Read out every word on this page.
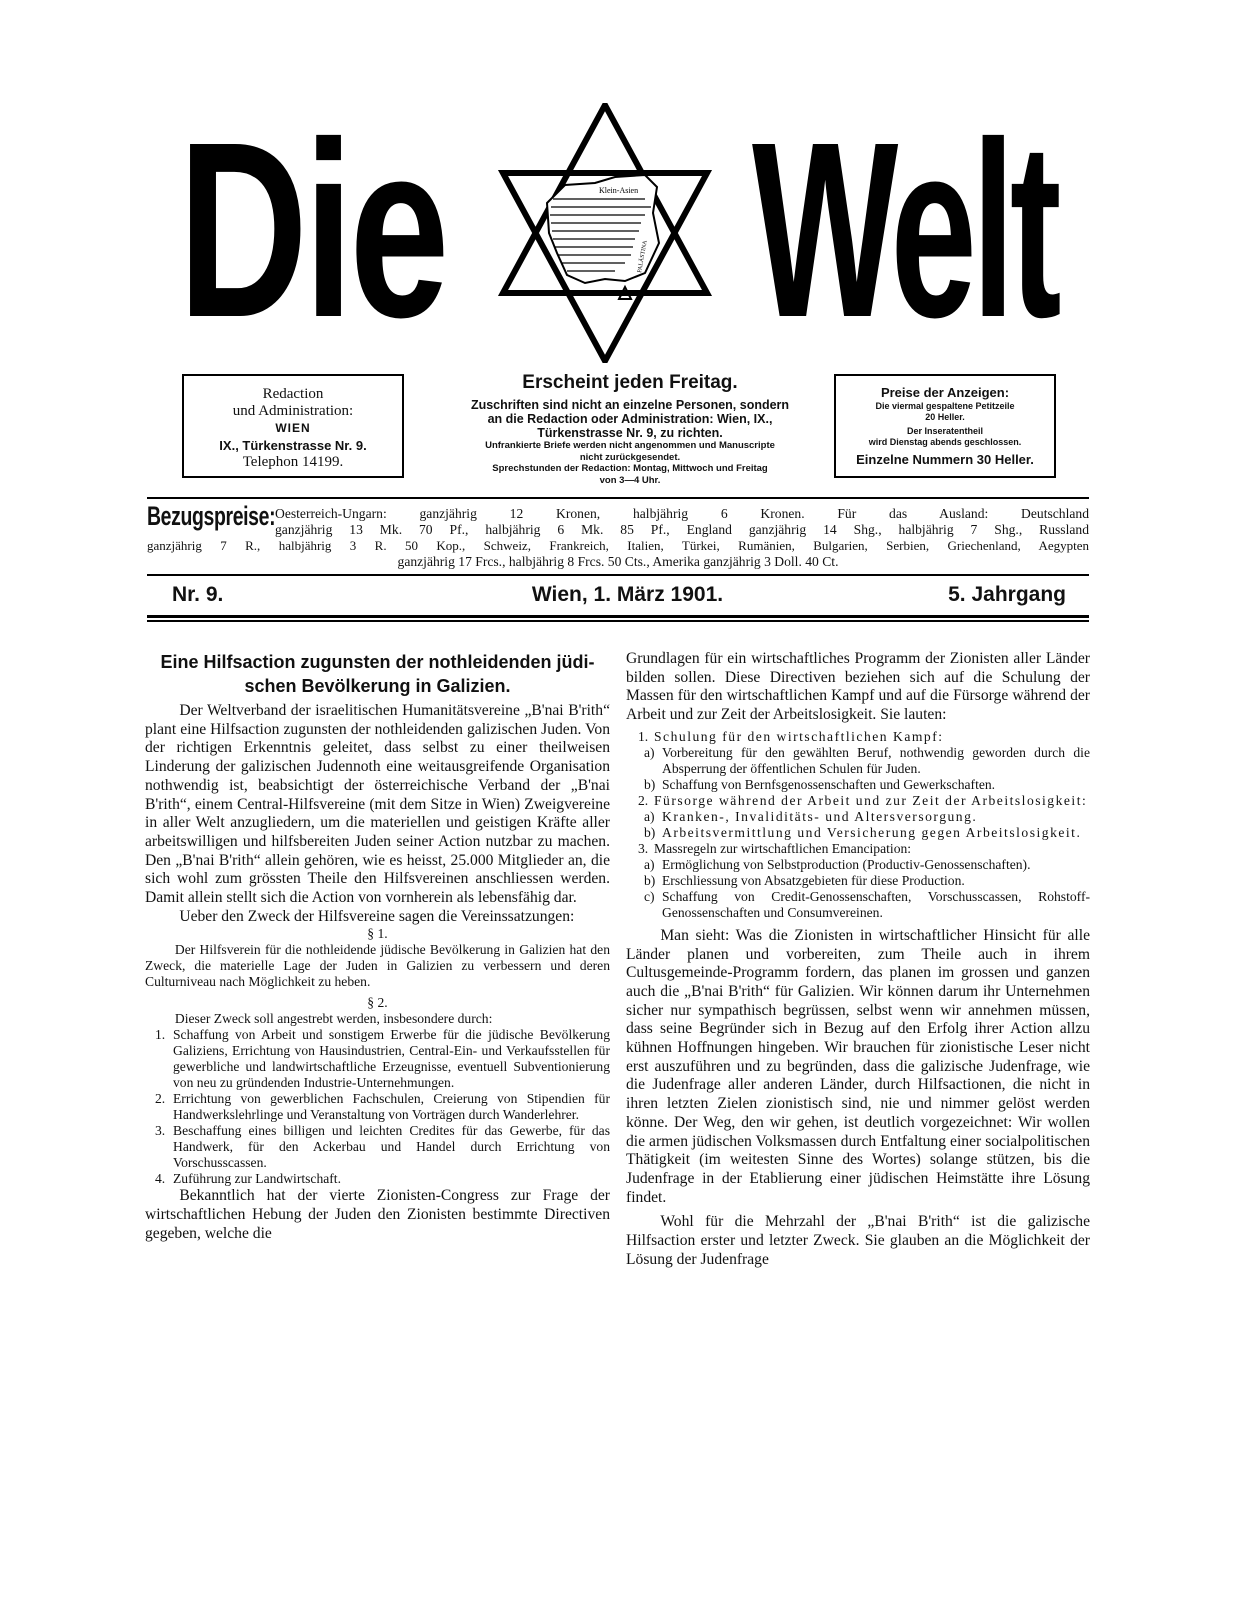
Die Welt
Klein-Asien
PALÄSTINA
Redaction
und Administration:
WIEN
IX., Türkenstrasse Nr. 9.
Telephon 14199.
Erscheint jeden Freitag.
Zuschriften sind nicht an einzelne Personen, sondern
an die Redaction oder Administration: Wien, IX.,
Türkenstrasse Nr. 9, zu richten.
Unfrankierte Briefe werden nicht angenommen und Manuscripte
nicht zurückgesendet.
Sprechstunden der Redaction: Montag, Mittwoch und Freitag
von 3—4 Uhr.
Preise der Anzeigen:
Die viermal gespaltene Petitzeile
20 Heller.
Der Inseratentheil
wird Dienstag abends geschlossen.
Einzelne Nummern 30 Heller.
Bezugspreise: Oesterreich-Ungarn: ganzjährig 12 Kronen, halbjährig 6 Kronen. Für das Ausland: Deutschland
ganzjährig 13 Mk. 70 Pf., halbjährig 6 Mk. 85 Pf., England ganzjährig 14 Shg., halbjährig 7 Shg., Russland
ganzjährig 7 R., halbjährig 3 R. 50 Kop., Schweiz, Frankreich, Italien, Türkei, Rumänien, Bulgarien, Serbien, Griechenland, Aegypten
ganzjährig 17 Frcs., halbjährig 8 Frcs. 50 Cts., Amerika ganzjährig 3 Doll. 40 Ct.
Nr. 9.	Wien, 1. März 1901.	5. Jahrgang
Eine Hilfsaction zugunsten der nothleidenden jüdi-
schen Bevölkerung in Galizien.

Der Weltverband der israelitischen Humanitätsvereine „B'nai B'rith“ plant eine Hilfsaction zugunsten der nothleidenden galizischen Juden. Von der richtigen Erkenntnis geleitet, dass selbst zu einer theilweisen Linderung der galizischen Judennoth eine weitausgreifende Organisation nothwendig ist, beabsichtigt der österreichische Verband der „B'nai B'rith“, einem Central-Hilfsvereine (mit dem Sitze in Wien) Zweigvereine in aller Welt anzugliedern, um die materiellen und geistigen Kräfte aller arbeitswilligen und hilfsbereiten Juden seiner Action nutzbar zu machen. Den „B'nai B'rith“ allein gehören, wie es heisst, 25.000 Mitglieder an, die sich wohl zum grössten Theile den Hilfsvereinen anschliessen werden. Damit allein stellt sich die Action von vornherein als lebensfähig dar.

Ueber den Zweck der Hilfsvereine sagen die Vereinssatzungen:

§ 1.

Der Hilfsverein für die nothleidende jüdische Bevölkerung in Galizien hat den Zweck, die materielle Lage der Juden in Galizien zu verbessern und deren Culturniveau nach Möglichkeit zu heben.

§ 2.

Dieser Zweck soll angestrebt werden, insbesondere durch:

1. Schaffung von Arbeit und sonstigem Erwerbe für die jüdische Bevölkerung Galiziens, Errichtung von Hausindustrien, Central-Ein- und Verkaufsstellen für gewerbliche und landwirtschaftliche Erzeugnisse, eventuell Subventionierung von neu zu gründenden Industrie-Unternehmungen.
2. Errichtung von gewerblichen Fachschulen, Creierung von Stipendien für Handwerkslehrlinge und Veranstaltung von Vorträgen durch Wanderlehrer.
3. Beschaffung eines billigen und leichten Credites für das Gewerbe, für das Handwerk, für den Ackerbau und Handel durch Errichtung von Vorschusscassen.
4. Zuführung zur Landwirtschaft.

Bekanntlich hat der vierte Zionisten-Congress zur Frage der wirtschaftlichen Hebung der Juden den Zionisten bestimmte Directiven gegeben, welche die

Grundlagen für ein wirtschaftliches Programm der Zionisten aller Länder bilden sollen. Diese Directiven beziehen sich auf die Schulung der Massen für den wirtschaftlichen Kampf und auf die Fürsorge während der Arbeit und zur Zeit der Arbeitslosigkeit. Sie lauten:

1. Schulung für den wirtschaftlichen Kampf:
a) Vorbereitung für den gewählten Beruf, nothwendig geworden durch die Absperrung der öffentlichen Schulen für Juden.
b) Schaffung von Bernfsgenossenschaften und Gewerkschaften.
2. Fürsorge während der Arbeit und zur Zeit der Arbeitslosigkeit:
a) Kranken-, Invaliditäts- und Altersversorgung.
b) Arbeitsvermittlung und Versicherung gegen Arbeitslosigkeit.
3. Massregeln zur wirtschaftlichen Emancipation:
a) Ermöglichung von Selbstproduction (Productiv-Genossenschaften).
b) Erschliessung von Absatzgebieten für diese Production.
c) Schaffung von Credit-Genossenschaften, Vorschusscassen, Rohstoff-Genossenschaften und Consumvereinen.

Man sieht: Was die Zionisten in wirtschaftlicher Hinsicht für alle Länder planen und vorbereiten, zum Theile auch in ihrem Cultusgemeinde-Programm fordern, das planen im grossen und ganzen auch die „B'nai B'rith“ für Galizien. Wir können darum ihr Unternehmen sicher nur sympathisch begrüssen, selbst wenn wir annehmen müssen, dass seine Begründer sich in Bezug auf den Erfolg ihrer Action allzu kühnen Hoffnungen hingeben. Wir brauchen für zionistische Leser nicht erst auszuführen und zu begründen, dass die galizische Judenfrage, wie die Judenfrage aller anderen Länder, durch Hilfsactionen, die nicht in ihren letzten Zielen zionistisch sind, nie und nimmer gelöst werden könne. Der Weg, den wir gehen, ist deutlich vorgezeichnet: Wir wollen die armen jüdischen Volksmassen durch Entfaltung einer socialpolitischen Thätigkeit (im weitesten Sinne des Wortes) solange stützen, bis die Judenfrage in der Etablierung einer jüdischen Heimstätte ihre Lösung findet.

Wohl für die Mehrzahl der „B'nai B'rith“ ist die galizische Hilfsaction erster und letzter Zweck. Sie glauben an die Möglichkeit der Lösung der Judenfrage
